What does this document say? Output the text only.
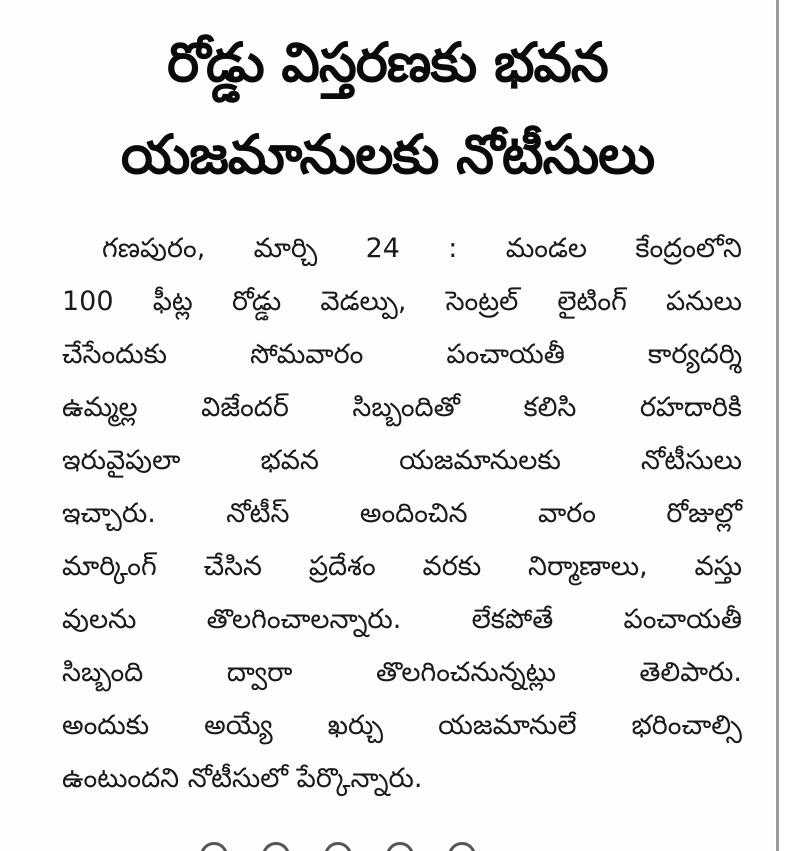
రోడ్డు విస్తరణకు భవన
యజమానులకు నోటీసులు
గణపురం, మార్చి 24 : మండల కేంద్రంలోని
100 ఫీట్ల రోడ్డు వెడల్పు, సెంట్రల్ లైటింగ్ పనులు
చేసేందుకు సోమవారం పంచాయతీ కార్యదర్శి
ఉమ్మల్ల విజేందర్ సిబ్బందితో కలిసి రహదారికి
ఇరువైపులా భవన యజమానులకు నోటీసులు
ఇచ్చారు. నోటీస్ అందించిన వారం రోజుల్లో
మార్కింగ్ చేసిన ప్రదేశం వరకు నిర్మాణాలు, వస్తు
వులను తొలగించాలన్నారు. లేకపోతే పంచాయతీ
సిబ్బంది ద్వారా తొలగించనున్నట్లు తెలిపారు.
అందుకు అయ్యే ఖర్చు యజమానులే భరించాల్సి
ఉంటుందని నోటీసులో పేర్కొన్నారు.
